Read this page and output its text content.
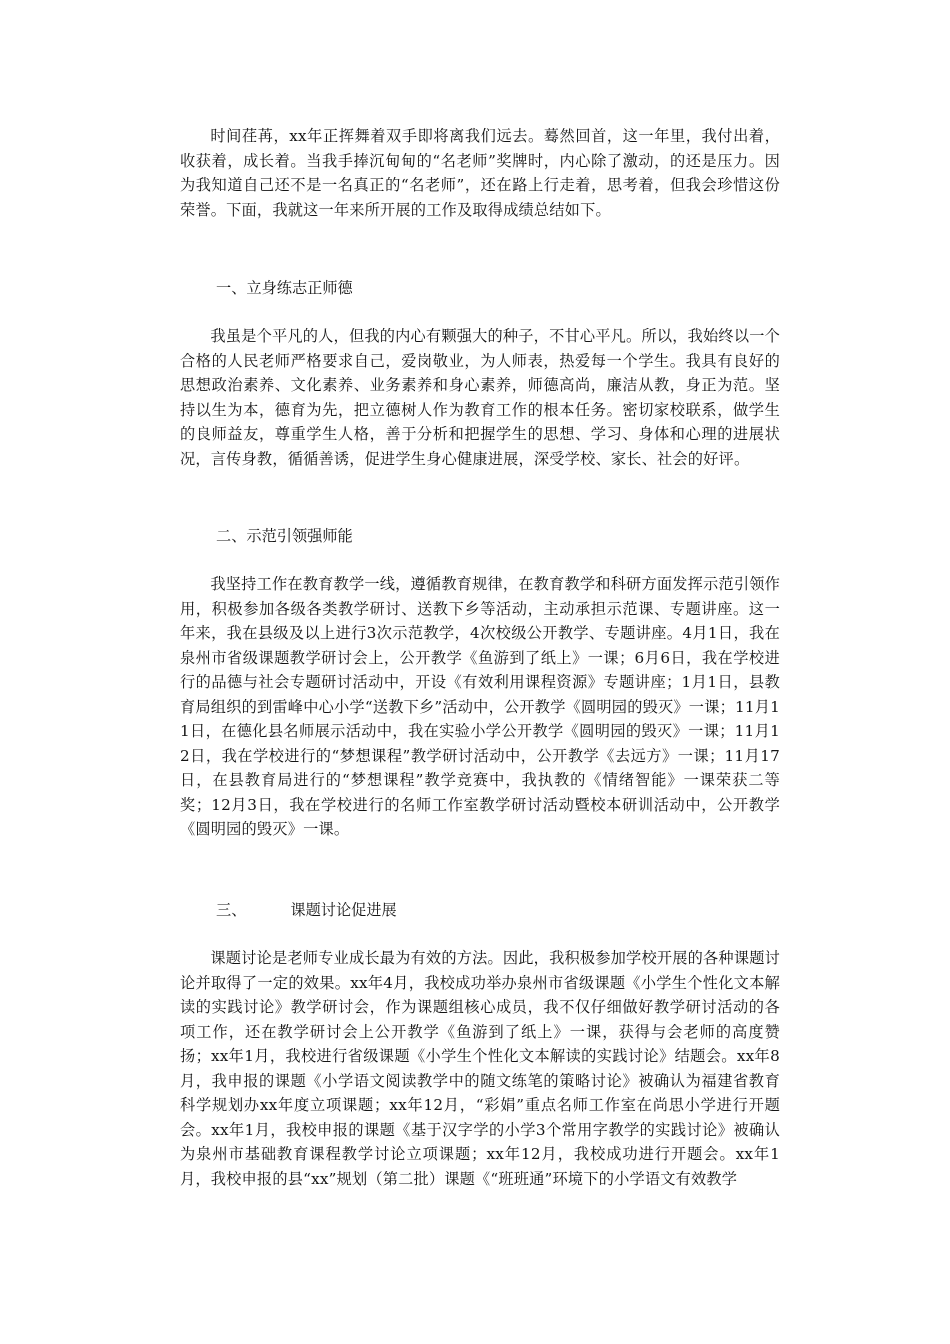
时间荏苒，xx年正挥舞着双手即将离我们远去。蓦然回首，这一年里，我付出着，收获着，成长着。当我手捧沉甸甸的“名老师”奖牌时，内心除了激动，的还是压力。因为我知道自己还不是一名真正的“名老师”，还在路上行走着，思考着，但我会珍惜这份荣誉。下面，我就这一年来所开展的工作及取得成绩总结如下。

一、立身练志正师德

我虽是个平凡的人，但我的内心有颗强大的种子，不甘心平凡。所以，我始终以一个合格的人民老师严格要求自己，爱岗敬业，为人师表，热爱每一个学生。我具有良好的思想政治素养、文化素养、业务素养和身心素养，师德高尚，廉洁从教，身正为范。坚持以生为本，德育为先，把立德树人作为教育工作的根本任务。密切家校联系，做学生的良师益友，尊重学生人格，善于分析和把握学生的思想、学习、身体和心理的进展状况，言传身教，循循善诱，促进学生身心健康进展，深受学校、家长、社会的好评。

二、示范引领强师能

我坚持工作在教育教学一线，遵循教育规律，在教育教学和科研方面发挥示范引领作用，积极参加各级各类教学研讨、送教下乡等活动，主动承担示范课、专题讲座。这一年来，我在县级及以上进行3次示范教学，4次校级公开教学、专题讲座。4月1日，我在泉州市省级课题教学研讨会上，公开教学《鱼游到了纸上》一课；6月6日，我在学校进行的品德与社会专题研讨活动中，开设《有效利用课程资源》专题讲座；1月1日，县教育局组织的到雷峰中心小学“送教下乡”活动中，公开教学《圆明园的毁灭》一课；11月11日，在德化县名师展示活动中，我在实验小学公开教学《圆明园的毁灭》一课；11月12日，我在学校进行的“梦想课程”教学研讨活动中，公开教学《去远方》一课；11月17日，在县教育局进行的“梦想课程”教学竞赛中，我执教的《情绪智能》一课荣获二等奖；12月3日，我在学校进行的名师工作室教学研讨活动暨校本研训活动中，公开教学《圆明园的毁灭》一课。

三、	课题讨论促进展

课题讨论是老师专业成长最为有效的方法。因此，我积极参加学校开展的各种课题讨论并取得了一定的效果。xx年4月，我校成功举办泉州市省级课题《小学生个性化文本解读的实践讨论》教学研讨会，作为课题组核心成员，我不仅仔细做好教学研讨活动的各项工作，还在教学研讨会上公开教学《鱼游到了纸上》一课，获得与会老师的高度赞扬；xx年1月，我校进行省级课题《小学生个性化文本解读的实践讨论》结题会。xx年8月，我申报的课题《小学语文阅读教学中的随文练笔的策略讨论》被确认为福建省教育科学规划办xx年度立项课题；xx年12月，“彩娟”重点名师工作室在尚思小学进行开题会。xx年1月，我校申报的课题《基于汉字学的小学3个常用字教学的实践讨论》被确认为泉州市基础教育课程教学讨论立项课题；xx年12月，我校成功进行开题会。xx年1月，我校申报的县“xx”规划（第二批）课题《“班班通”环境下的小学语文有效教学
